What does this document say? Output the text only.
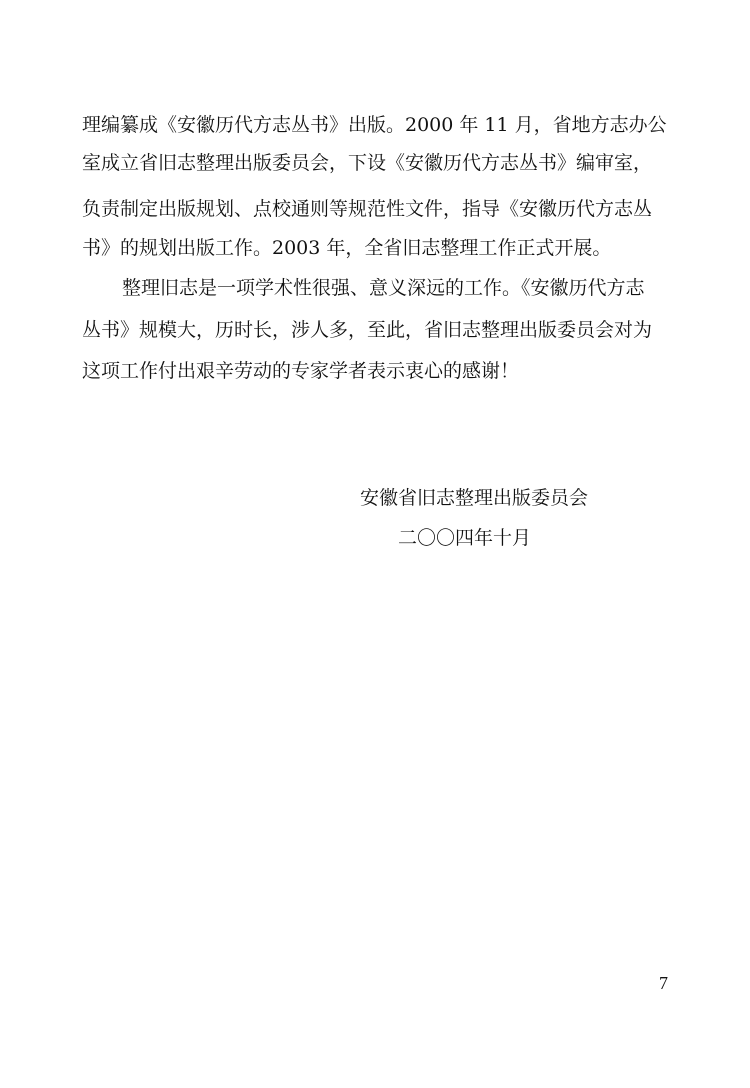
理编纂成《安徽历代方志丛书》出版。2000 年 11 月，省地方志办公
室成立省旧志整理出版委员会，下设《安徽历代方志丛书》编审室，
负责制定出版规划、点校通则等规范性文件，指导《安徽历代方志丛
书》的规划出版工作。2003 年，全省旧志整理工作正式开展。
整理旧志是一项学术性很强、意义深远的工作。《安徽历代方志
丛书》规模大，历时长，涉人多，至此，省旧志整理出版委员会对为
这项工作付出艰辛劳动的专家学者表示衷心的感谢！
安徽省旧志整理出版委员会
二〇〇四年十月
7
